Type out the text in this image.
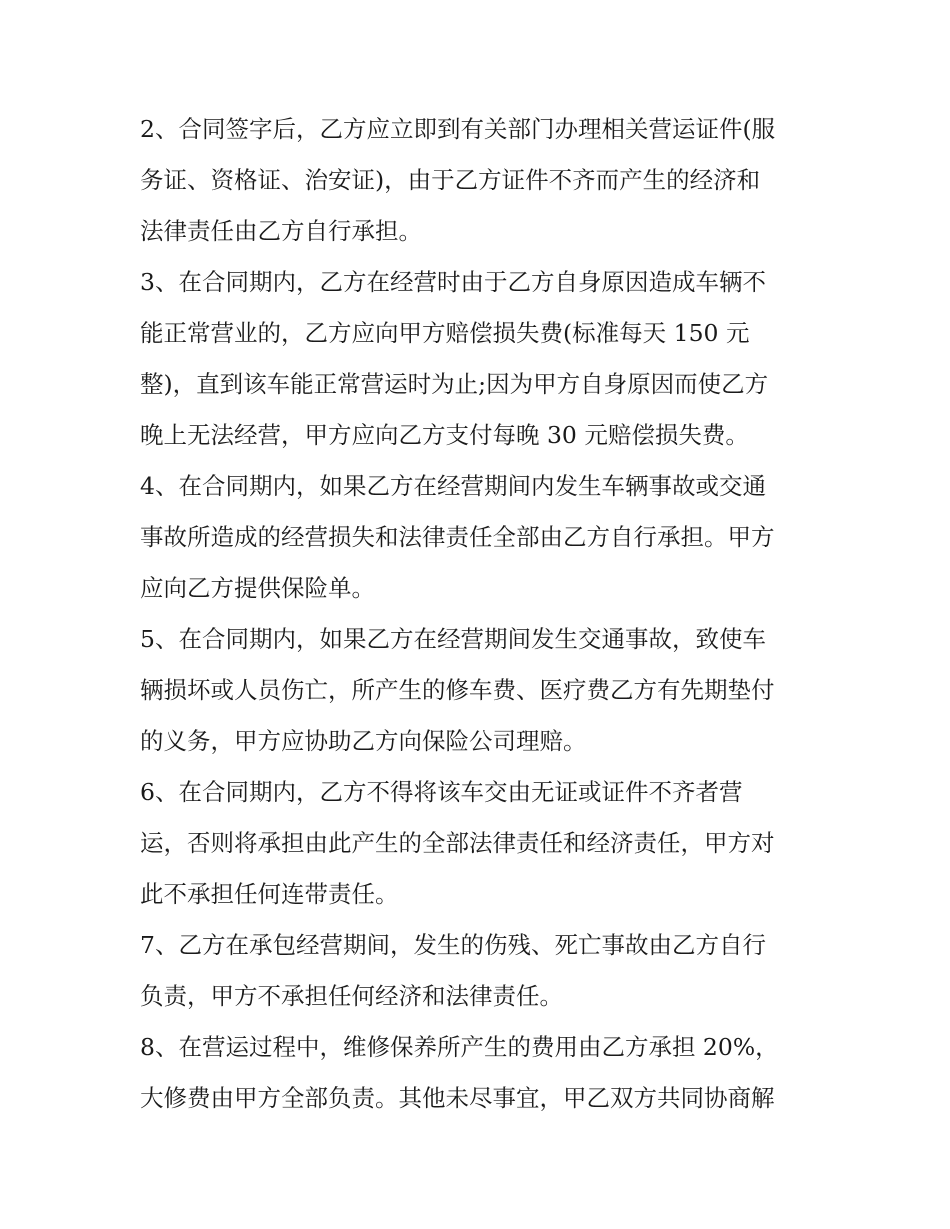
2、合同签字后，乙方应立即到有关部门办理相关营运证件(服
务证、资格证、治安证)，由于乙方证件不齐而产生的经济和
法律责任由乙方自行承担。
3、在合同期内，乙方在经营时由于乙方自身原因造成车辆不
能正常营业的，乙方应向甲方赔偿损失费(标准每天 150 元
整)，直到该车能正常营运时为止;因为甲方自身原因而使乙方
晚上无法经营，甲方应向乙方支付每晚 30 元赔偿损失费。
4、在合同期内，如果乙方在经营期间内发生车辆事故或交通
事故所造成的经营损失和法律责任全部由乙方自行承担。甲方
应向乙方提供保险单。
5、在合同期内，如果乙方在经营期间发生交通事故，致使车
辆损坏或人员伤亡，所产生的修车费、医疗费乙方有先期垫付
的义务，甲方应协助乙方向保险公司理赔。
6、在合同期内，乙方不得将该车交由无证或证件不齐者营
运，否则将承担由此产生的全部法律责任和经济责任，甲方对
此不承担任何连带责任。
7、乙方在承包经营期间，发生的伤残、死亡事故由乙方自行
负责，甲方不承担任何经济和法律责任。
8、在营运过程中，维修保养所产生的费用由乙方承担 20%，
大修费由甲方全部负责。其他未尽事宜，甲乙双方共同协商解
